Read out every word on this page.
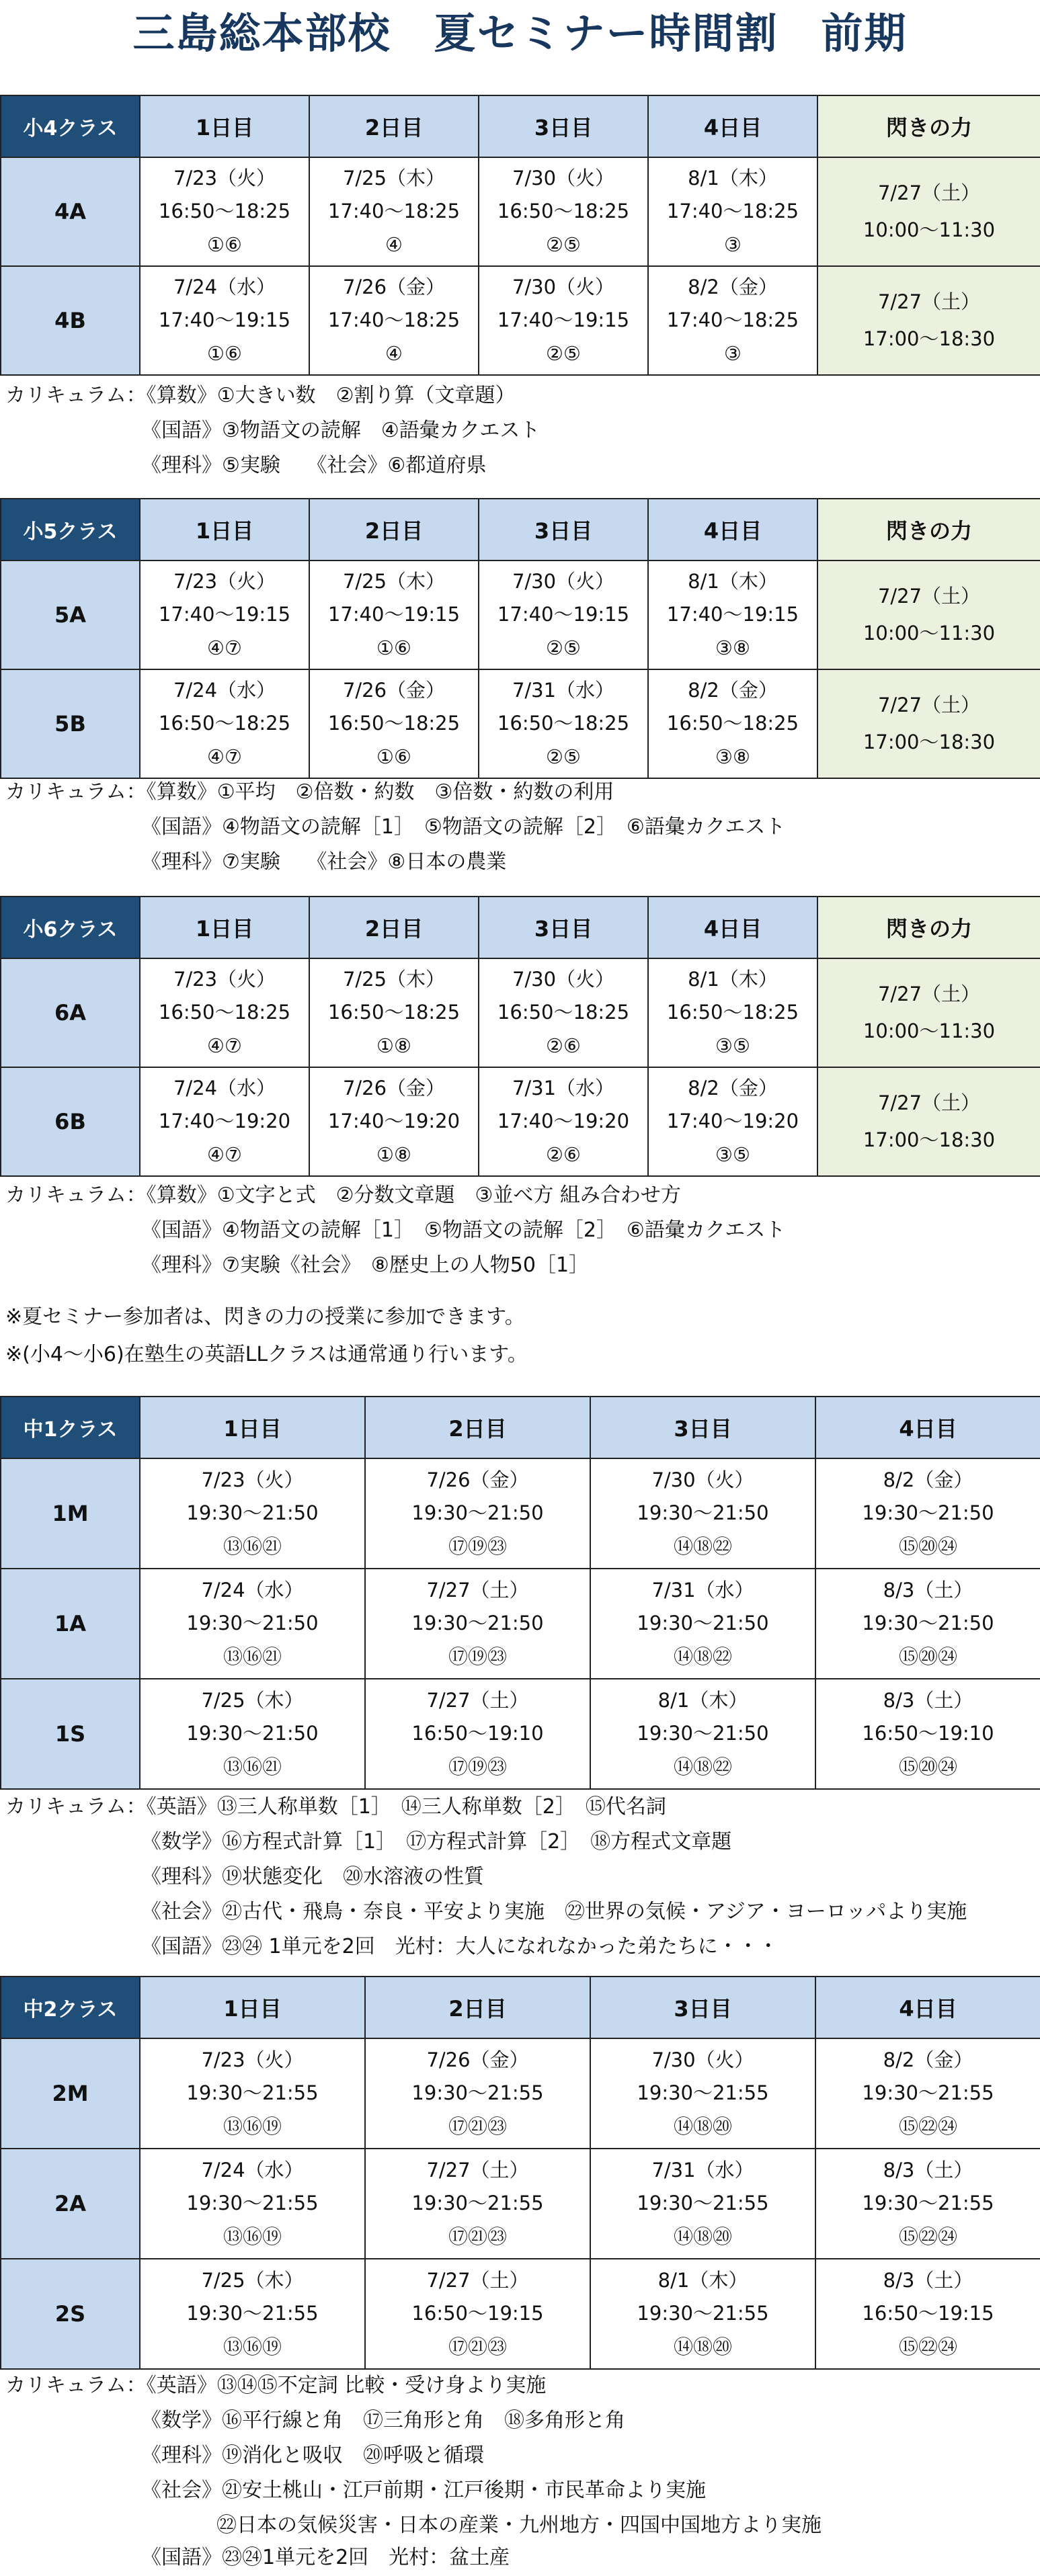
三島総本部校　夏セミナー時間割　前期
小4クラス	1日目	2日目	3日目	4日目	閃きの力
4A	7/23（火）
16:50～18:25
①⑥	7/25（木）
17:40～18:25
④	7/30（火）
16:50～18:25
②⑤	8/1（木）
17:40～18:25
③	7/27（土）
10:00～11:30

4B	7/24（水）
17:40～19:15
①⑥	7/26（金）
17:40～18:25
④	7/30（火）
17:40～19:15
②⑤	8/2（金）
17:40～18:25
③	7/27（土）
17:00～18:30
カリキュラム：《算数》①大きい数　②割り算（文章題）
《国語》③物語文の読解　④語彙カクエスト
《理科》⑤実験　 《社会》⑥都道府県
小5クラス	1日目	2日目	3日目	4日目	閃きの力
5A	7/23（火）
17:40～19:15
④⑦	7/25（木）
17:40～19:15
①⑥	7/30（火）
17:40～19:15
②⑤	8/1（木）
17:40～19:15
③⑧	7/27（土）
10:00～11:30

5B	7/24（水）
16:50～18:25
④⑦	7/26（金）
16:50～18:25
①⑥	7/31（水）
16:50～18:25
②⑤	8/2（金）
16:50～18:25
③⑧	7/27（土）
17:00～18:30
カリキュラム：《算数》①平均　②倍数・約数　③倍数・約数の利用
《国語》④物語文の読解［1］　⑤物語文の読解［2］　⑥語彙カクエスト
《理科》⑦実験　 《社会》⑧日本の農業
小6クラス	1日目	2日目	3日目	4日目	閃きの力
6A	7/23（火）
16:50～18:25
④⑦	7/25（木）
16:50～18:25
①⑧	7/30（火）
16:50～18:25
②⑥	8/1（木）
16:50～18:25
③⑤	7/27（土）
10:00～11:30

6B	7/24（水）
17:40～19:20
④⑦	7/26（金）
17:40～19:20
①⑧	7/31（水）
17:40～19:20
②⑥	8/2（金）
17:40～19:20
③⑤	7/27（土）
17:00～18:30
カリキュラム：《算数》①文字と式　②分数文章題　③並べ方 組み合わせ方
《国語》④物語文の読解［1］　⑤物語文の読解［2］　⑥語彙カクエスト
《理科》⑦実験《社会》　⑧歴史上の人物50［1］
※夏セミナー参加者は、閃きの力の授業に参加できます。
※(小4～小6)在塾生の英語LLクラスは通常通り行います。
中1クラス	1日目	2日目	3日目	4日目
1M	7/23（火）
19:30～21:50
⑬⑯㉑	7/26（金）
19:30～21:50
⑰⑲㉓	7/30（火）
19:30～21:50
⑭⑱㉒	8/2（金）
19:30～21:50
⑮⑳㉔

1A	7/24（水）
19:30～21:50
⑬⑯㉑	7/27（土）
19:30～21:50
⑰⑲㉓	7/31（水）
19:30～21:50
⑭⑱㉒	8/3（土）
19:30～21:50
⑮⑳㉔

1S	7/25（木）
19:30～21:50
⑬⑯㉑	7/27（土）
16:50～19:10
⑰⑲㉓	8/1（木）
19:30～21:50
⑭⑱㉒	8/3（土）
16:50～19:10
⑮⑳㉔
カリキュラム：《英語》⑬三人称単数［1］　⑭三人称単数［2］　⑮代名詞
《数学》⑯方程式計算［1］　⑰方程式計算［2］　⑱方程式文章題
《理科》⑲状態変化　⑳水溶液の性質
《社会》㉑古代・飛鳥・奈良・平安より実施　㉒世界の気候・アジア・ヨーロッパより実施
《国語》㉓㉔ 1単元を2回　光村：大人になれなかった弟たちに・・・
中2クラス	1日目	2日目	3日目	4日目
2M	7/23（火）
19:30～21:55
⑬⑯⑲	7/26（金）
19:30～21:55
⑰㉑㉓	7/30（火）
19:30～21:55
⑭⑱⑳	8/2（金）
19:30～21:55
⑮㉒㉔

2A	7/24（水）
19:30～21:55
⑬⑯⑲	7/27（土）
19:30～21:55
⑰㉑㉓	7/31（水）
19:30～21:55
⑭⑱⑳	8/3（土）
19:30～21:55
⑮㉒㉔

2S	7/25（木）
19:30～21:55
⑬⑯⑲	7/27（土）
16:50～19:15
⑰㉑㉓	8/1（木）
19:30～21:55
⑭⑱⑳	8/3（土）
16:50～19:15
⑮㉒㉔
カリキュラム：《英語》⑬⑭⑮不定詞 比較・受け身より実施
《数学》⑯平行線と角　⑰三角形と角　⑱多角形と角
《理科》⑲消化と吸収　⑳呼吸と循環
《社会》㉑安土桃山・江戸前期・江戸後期・市民革命より実施
㉒日本の気候災害・日本の産業・九州地方・四国中国地方より実施
《国語》㉓㉔1単元を2回　光村：盆土産
